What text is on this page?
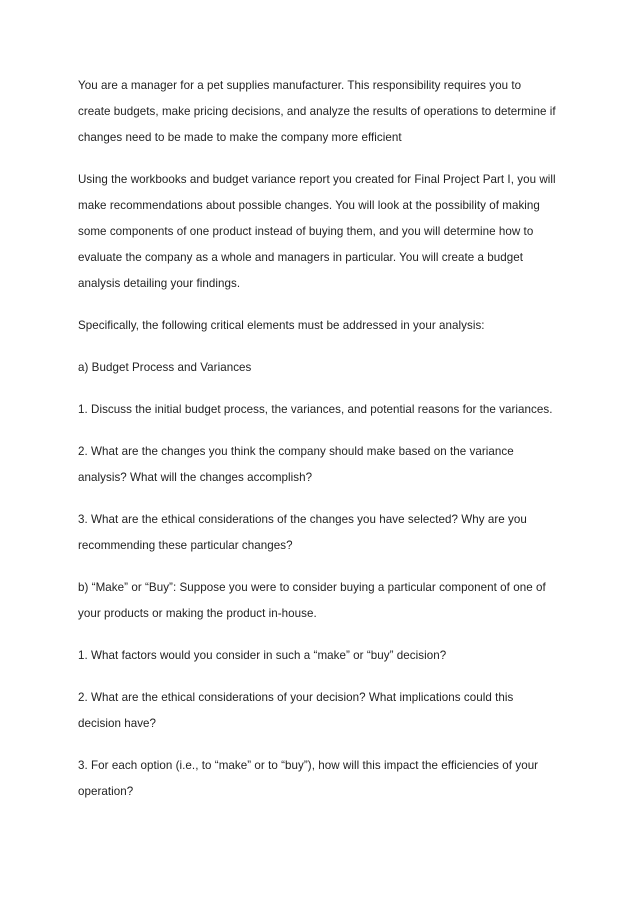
You are a manager for a pet supplies manufacturer. This responsibility requires you to
create budgets, make pricing decisions, and analyze the results of operations to determine if
changes need to be made to make the company more efficient

Using the workbooks and budget variance report you created for Final Project Part I, you will
make recommendations about possible changes. You will look at the possibility of making
some components of one product instead of buying them, and you will determine how to
evaluate the company as a whole and managers in particular. You will create a budget
analysis detailing your findings.

Specifically, the following critical elements must be addressed in your analysis:

a) Budget Process and Variances

1. Discuss the initial budget process, the variances, and potential reasons for the variances.

2. What are the changes you think the company should make based on the variance
analysis? What will the changes accomplish?

3. What are the ethical considerations of the changes you have selected? Why are you
recommending these particular changes?

b) “Make” or “Buy”: Suppose you were to consider buying a particular component of one of
your products or making the product in-house.

1. What factors would you consider in such a “make” or “buy” decision?

2. What are the ethical considerations of your decision? What implications could this
decision have?

3. For each option (i.e., to “make” or to “buy”), how will this impact the efficiencies of your
operation?
